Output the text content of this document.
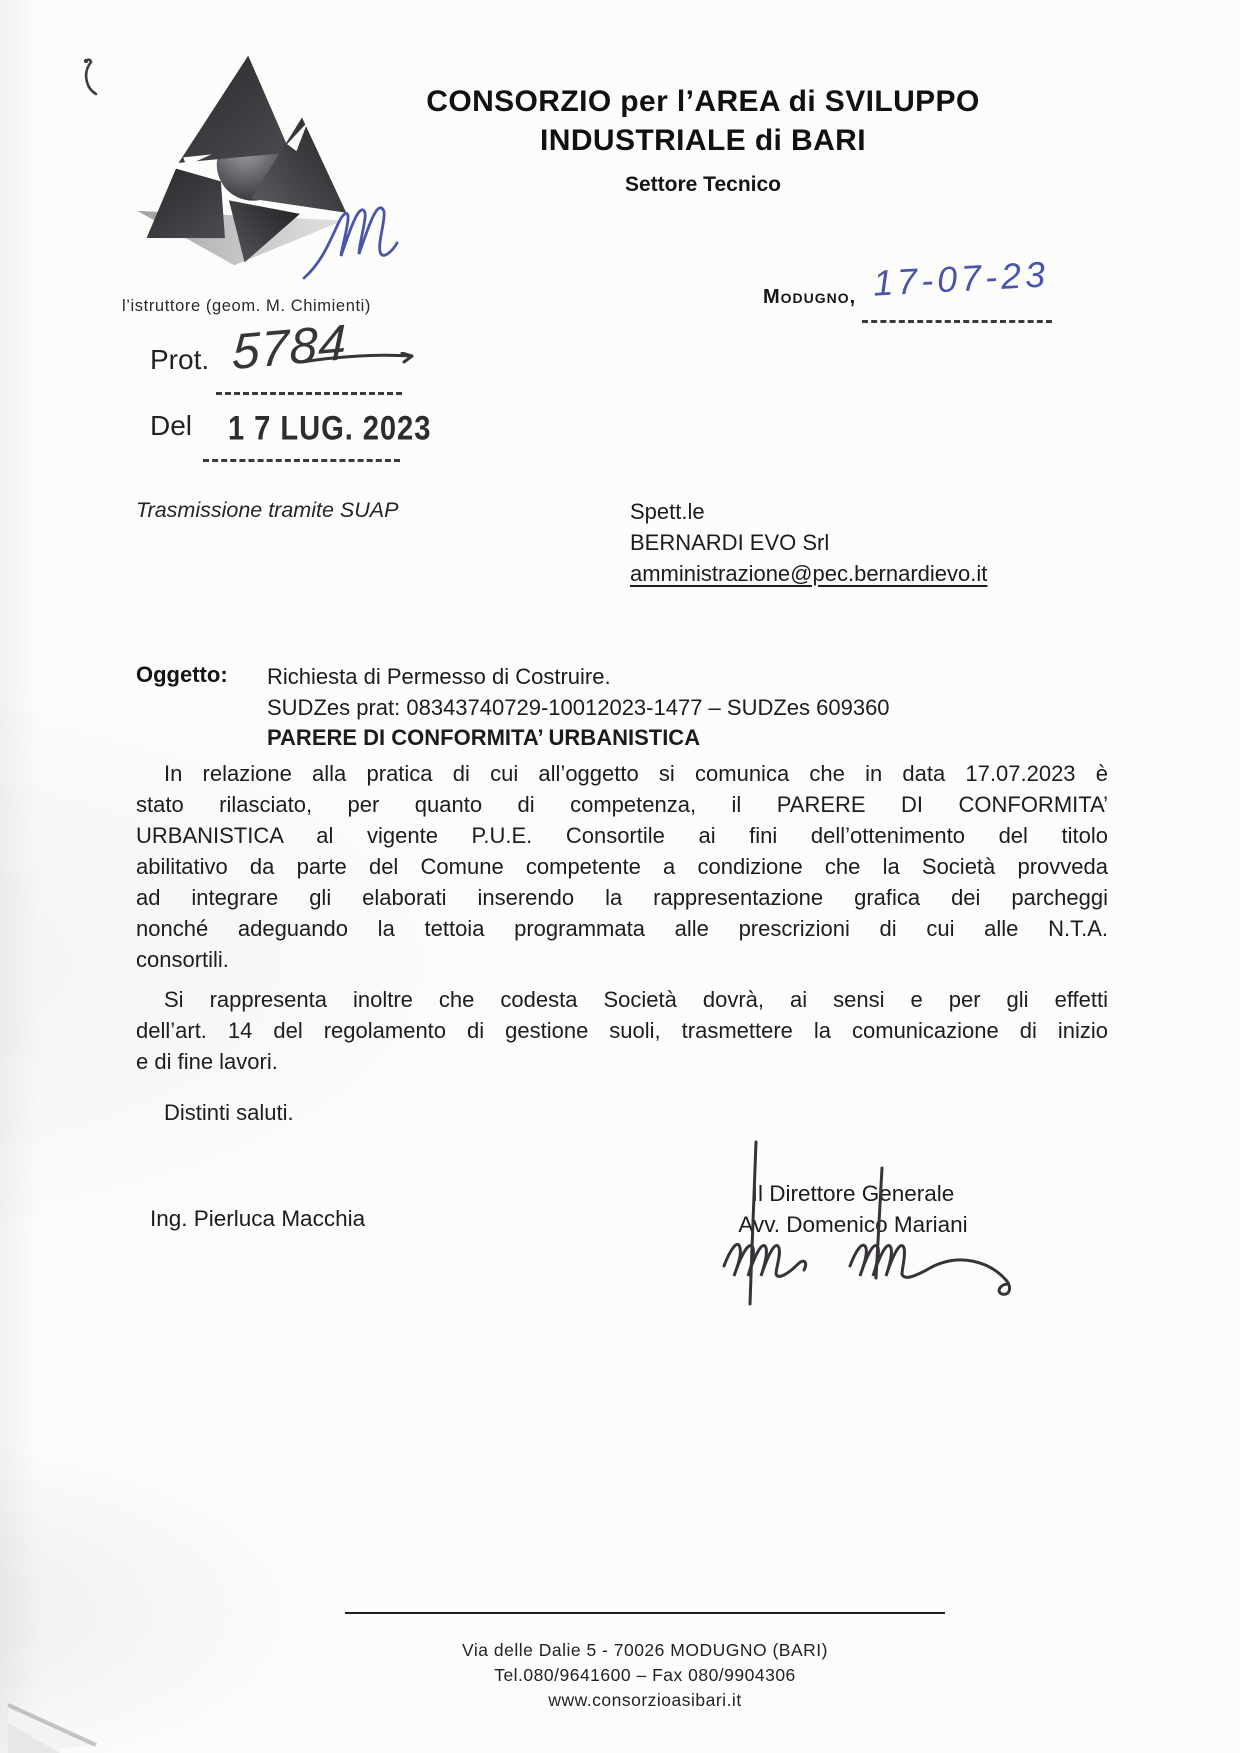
CONSORZIO per l’AREA di SVILUPPO
INDUSTRIALE di BARI
Settore Tecnico
l’istruttore (geom. M. Chimienti)	Modugno, 17-07-23
Prot. 5784
Del 1 7 LUG. 2023
Trasmissione tramite SUAP	Spett.le
BERNARDI EVO Srl
amministrazione@pec.bernardievo.it
Oggetto: Richiesta di Permesso di Costruire.
SUDZes prat: 08343740729-10012023-1477 – SUDZes 609360
PARERE DI CONFORMITA’ URBANISTICA
In relazione alla pratica di cui all’oggetto si comunica che in data 17.07.2023 è
stato rilasciato, per quanto di competenza, il PARERE DI CONFORMITA’
URBANISTICA al vigente P.U.E. Consortile ai fini dell’ottenimento del titolo
abilitativo da parte del Comune competente a condizione che la Società provveda
ad integrare gli elaborati inserendo la rappresentazione grafica dei parcheggi
nonché adeguando la tettoia programmata alle prescrizioni di cui alle N.T.A.
consortili.
Si rappresenta inoltre che codesta Società dovrà, ai sensi e per gli effetti
dell’art. 14 del regolamento di gestione suoli, trasmettere la comunicazione di inizio
e di fine lavori.
Distinti saluti.
Ing. Pierluca Macchia
Il Direttore Generale
Avv. Domenico Mariani
Via delle Dalie 5 - 70026 MODUGNO (BARI)
Tel.080/9641600 – Fax 080/9904306
www.consorzioasibari.it
